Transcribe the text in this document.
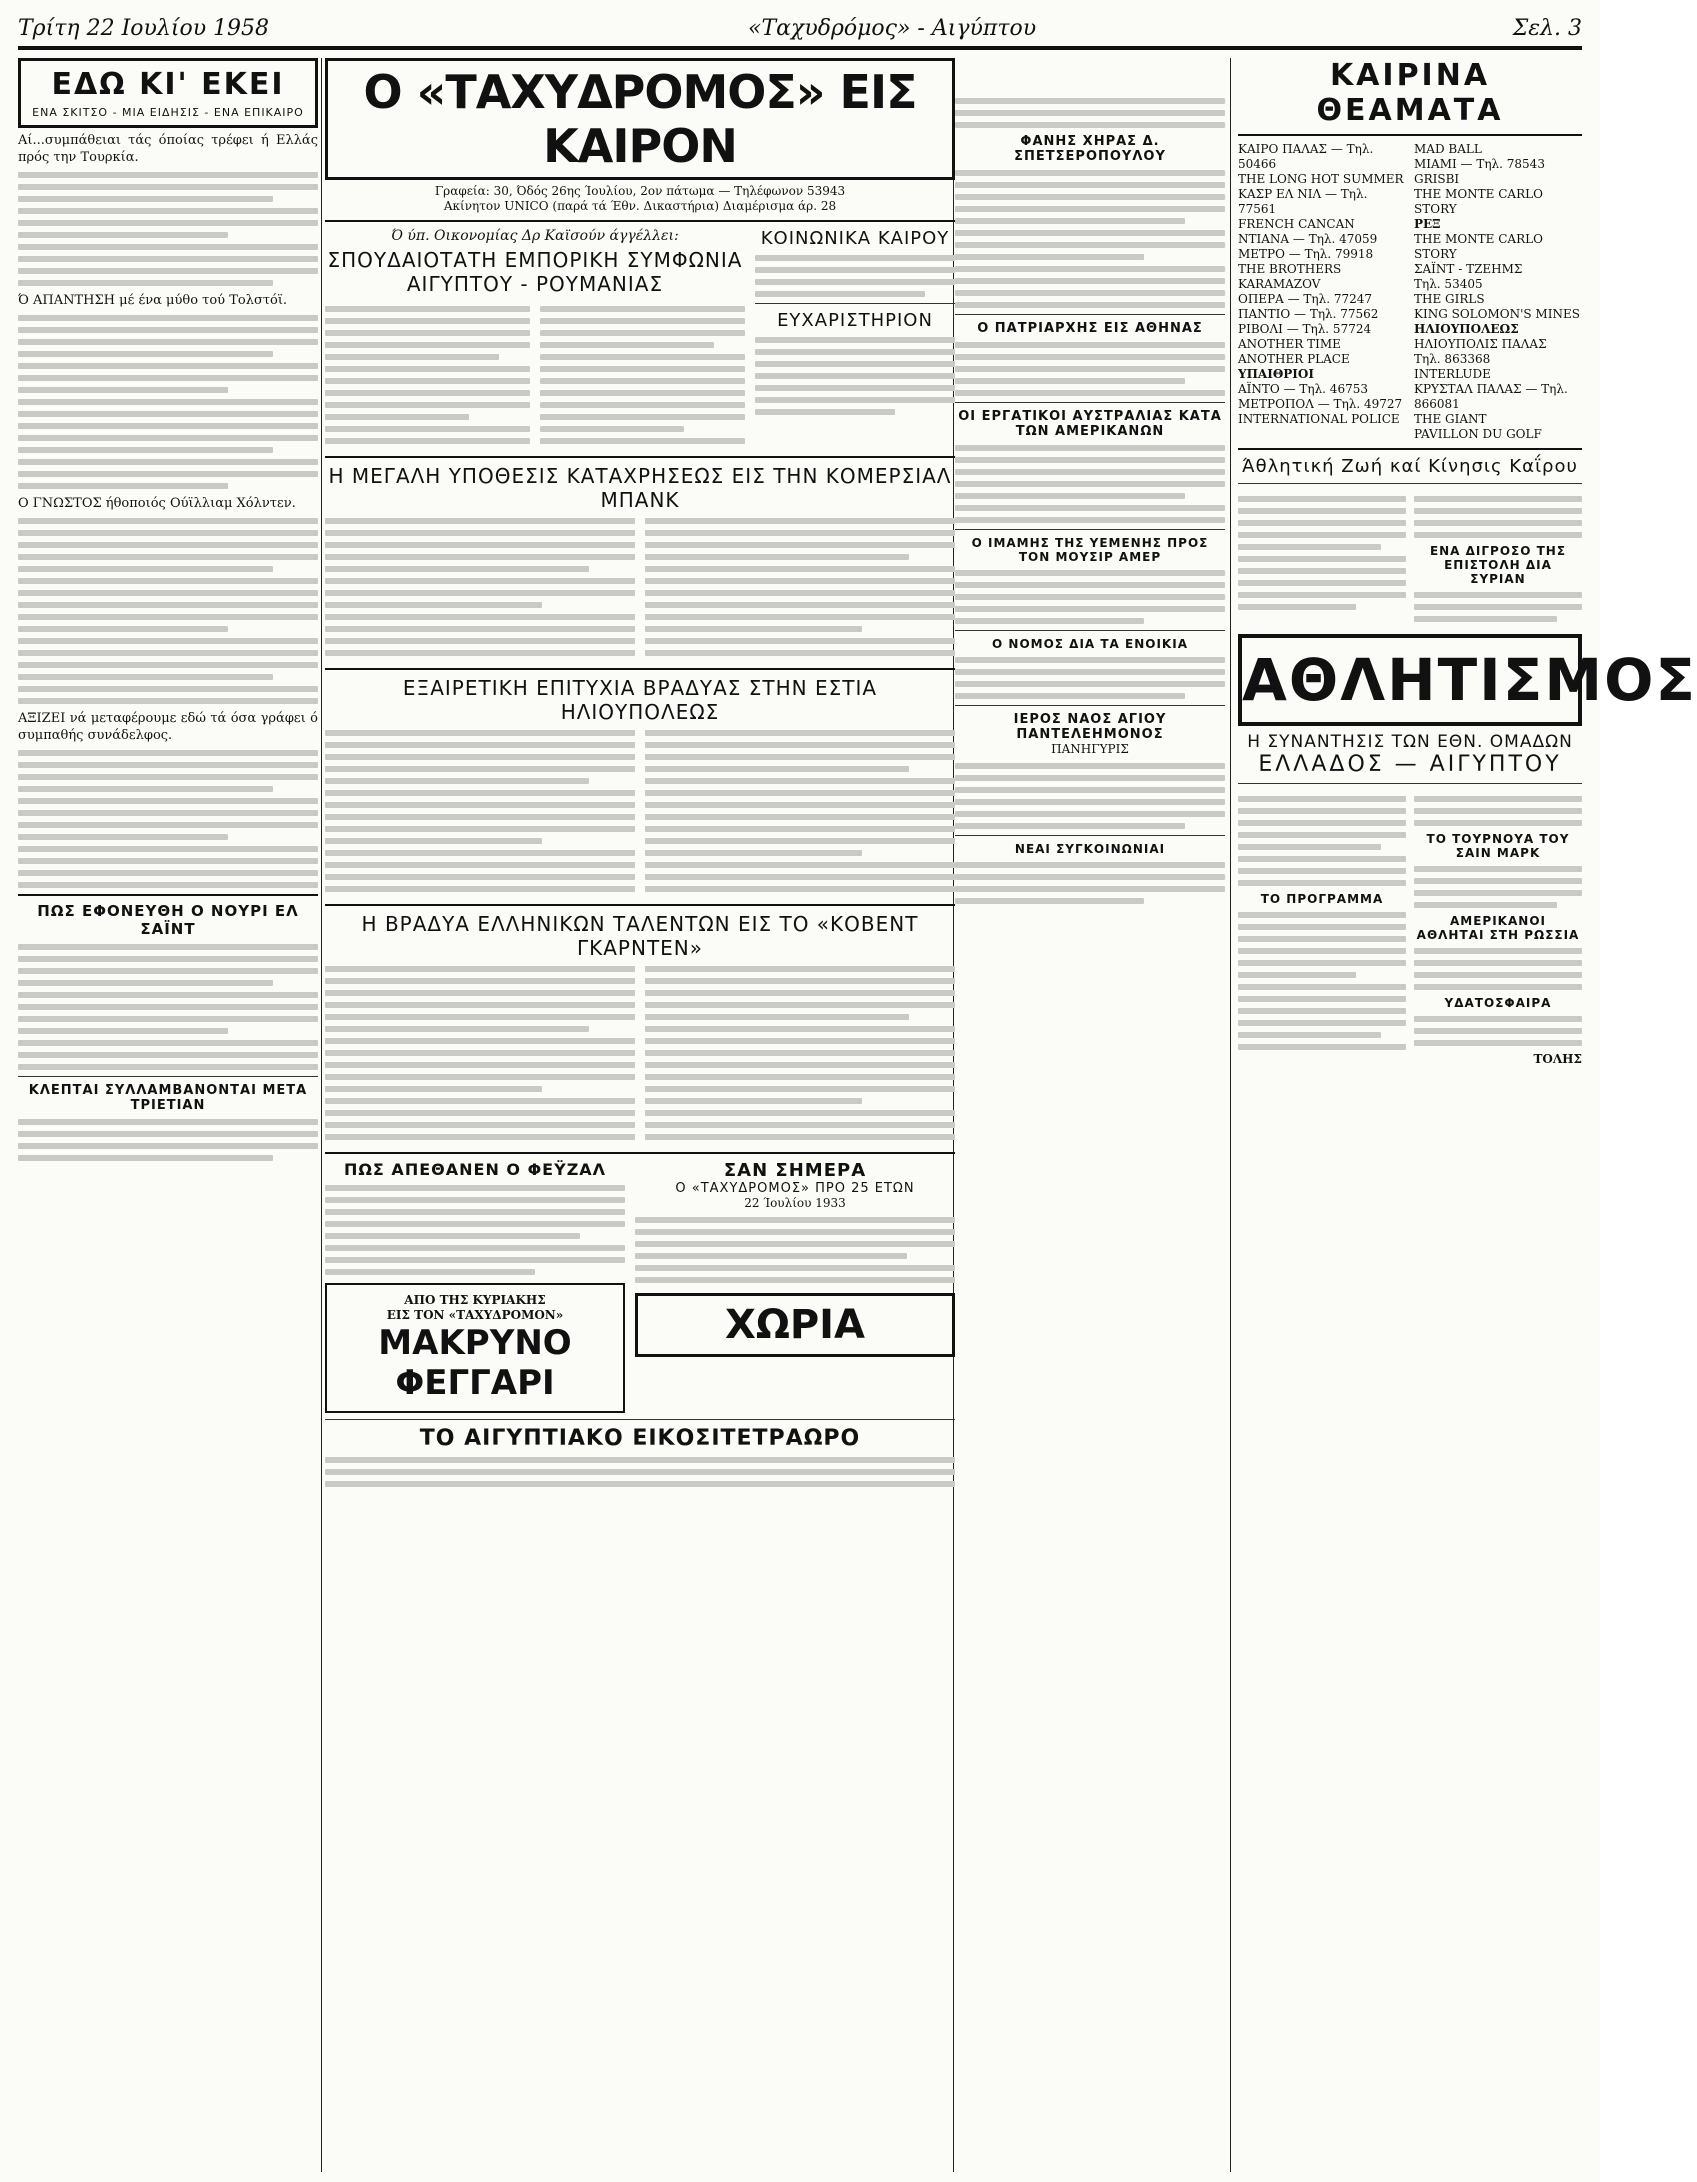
Τρίτη 22 Ιουλίου 1958	«Ταχυδρόμος» - Αιγύπτου	Σελ. 3
ΕΔΩ ΚΙ' ΕΚΕΙ
ΕΝΑ ΣΚΙΤΣΟ - ΜΙΑ ΕΙΔΗΣΙΣ - ΕΝΑ ΕΠΙΚΑΙΡΟ

Αί...συμπάθειαι τάς όποίας τρέφει ή Ελλάς πρός την Τουρκία.

Ό ΑΠΑΝΤΗΣΗ μέ ένα μύθο τού Τολστόϊ.

Ο ΓΝΩΣΤΟΣ ήθοποιός Ούϊλλιαμ Χόλντεν.

ΑΞΙΖΕΙ νά μεταφέρουμε εδώ τά όσα γράφει ό συμπαθής συνάδελφος.

ΠΩΣ ΕΦΟΝΕΥΘΗ Ο ΝΟΥΡΙ ΕΛ ΣΑΪΝΤ
ΚΛΕΠΤΑΙ ΣΥΛΛΑΜΒΑΝΟΝΤΑΙ ΜΕΤΑ ΤΡΙΕΤΙΑΝ
Ο «ΤΑΧΥΔΡΟΜΟΣ» ΕΙΣ ΚΑΙΡΟΝ
Γραφεία: 30, Όδός 26ης Ίουλίου, 2ον πάτωμα — Τηλέφωνον 53943
Ακίνητον UNICO (παρά τά Έθν. Δικαστήρια) Διαμέρισμα άρ. 28
Ό ύπ. Οικονομίας Δρ Καϊσούν άγγέλλει:
ΣΠΟΥΔΑΙΟΤΑΤΗ ΕΜΠΟΡΙΚΗ ΣΥΜΦΩΝΙΑ ΑΙΓΥΠΤΟΥ - ΡΟΥΜΑΝΙΑΣ
ΚΟΙΝΩΝΙΚΑ ΚΑΙΡΟΥ
ΕΥΧΑΡΙΣΤΗΡΙΟΝ
Η ΜΕΓΑΛΗ ΥΠΟΘΕΣΙΣ ΚΑΤΑΧΡΗΣΕΩΣ ΕΙΣ ΤΗΝ ΚΟΜΕΡΣΙΑΛ ΜΠΑΝΚ
ΕΞΑΙΡΕΤΙΚΗ ΕΠΙΤΥΧΙΑ ΒΡΑΔΥΑΣ ΣΤΗΝ ΕΣΤΙΑ ΗΛΙΟΥΠΟΛΕΩΣ
Η ΒΡΑΔΥΑ ΕΛΛΗΝΙΚΩΝ ΤΑΛΕΝΤΩΝ ΕΙΣ ΤΟ «ΚΟΒΕΝΤ ΓΚΑΡΝΤΕΝ»
ΠΩΣ ΑΠΕΘΑΝΕΝ Ο ΦΕΫΖΑΛ
ΑΠΟ ΤΗΣ ΚΥΡΙΑΚΗΣ
ΕΙΣ ΤΟΝ «ΤΑΧΥΔΡΟΜΟΝ»
ΜΑΚΡΥΝΟ
ΦΕΓΓΑΡΙ
ΣΑΝ ΣΗΜΕΡΑ
Ο «ΤΑΧΥΔΡΟΜΟΣ» ΠΡΟ 25 ΕΤΩΝ
22 Ίουλίου 1933
ΧΩΡΙΑ
ΤΟ ΑΙΓΥΠΤΙΑΚΟ ΕΙΚΟΣΙΤΕΤΡΑΩΡΟ
ΦΑΝΗΣ ΧΗΡΑΣ Δ. ΣΠΕΤΣΕΡΟΠΟΥΛΟΥ
Ο ΠΑΤΡΙΑΡΧΗΣ ΕΙΣ ΑΘΗΝΑΣ
ΟΙ ΕΡΓΑΤΙΚΟΙ ΑΥΣΤΡΑΛΙΑΣ ΚΑΤΑ ΤΩΝ ΑΜΕΡΙΚΑΝΩΝ
Ο ΙΜΑΜΗΣ ΤΗΣ ΥΕΜΕΝΗΣ ΠΡΟΣ ΤΟΝ ΜΟΥΣΙΡ ΑΜΕΡ
Ο ΝΟΜΟΣ ΔΙΑ ΤΑ ΕΝΟΙΚΙΑ
ΙΕΡΟΣ ΝΑΟΣ ΑΓΙΟΥ ΠΑΝΤΕΛΕΗΜΟΝΟΣ
ΠΑΝΗΓΥΡΙΣ
ΝΕΑΙ ΣΥΓΚΟΙΝΩΝΙΑΙ
ΚΑΙΡΙΝΑ ΘΕΑΜΑΤΑ
ΚΑΙΡΟ ΠΑΛΑΣ — Τηλ. 50466
THE LONG HOT SUMMER
ΚΑΣΡ ΕΛ ΝΙΛ — Τηλ. 77561
FRENCH CANCAN
ΝΤΙΑΝΑ — Τηλ. 47059
ΜΕΤΡΟ — Τηλ. 79918
THE BROTHERS KARAMAZOV
ΟΠΕΡΑ — Τηλ. 77247
ΠΑΝΤΙΟ — Τηλ. 77562
ΡΙΒΟΛΙ — Τηλ. 57724
ANOTHER TIME ANOTHER PLACE
ΥΠΑΙΘΡΙΟΙ
ΑΪΝΤΟ — Τηλ. 46753
ΜΕΤΡΟΠΟΛ — Τηλ. 49727
INTERNATIONAL POLICE
MAD BALL
MIAMI — Τηλ. 78543
GRISBI
THE MONTE CARLO STORY
ΡΕΞ
THE MONTE CARLO STORY
ΣΑΪΝΤ - ΤΖΕΗΜΣ
Τηλ. 53405
THE GIRLS
KING SOLOMON'S MINES
ΗΛΙΟΥΠΟΛΕΩΣ
ΗΛΙΟΥΠΟΛΙΣ ΠΑΛΑΣ
Τηλ. 863368
INTERLUDE
ΚΡΥΣΤΑΛ ΠΑΛΑΣ — Τηλ. 866081
THE GIANT
PAVILLON DU GOLF
Άθλητική Ζωή καί Κίνησις Καΐρου
ΕΝΑ ΔΙΓΡΟΣΟ ΤΗΣ ΕΠΙΣΤΟΛΗ ΔΙΑ ΣΥΡΙΑΝ
ΑΘΛΗΤΙΣΜΟΣ
Η ΣΥΝΑΝΤΗΣΙΣ ΤΩΝ ΕΘΝ. ΟΜΑΔΩΝ
ΕΛΛΑΔΟΣ — ΑΙΓΥΠΤΟΥ
ΤΟ ΠΡΟΓΡΑΜΜΑ
ΤΟ ΤΟΥΡΝΟΥΑ ΤΟΥ ΣΑΙΝ ΜΑΡΚ
ΑΜΕΡΙΚΑΝΟΙ ΑΘΛΗΤΑΙ ΣΤΗ ΡΩΣΣΙΑ
ΥΔΑΤΟΣΦΑΙΡΑ
ΤΟΛΗΣ
